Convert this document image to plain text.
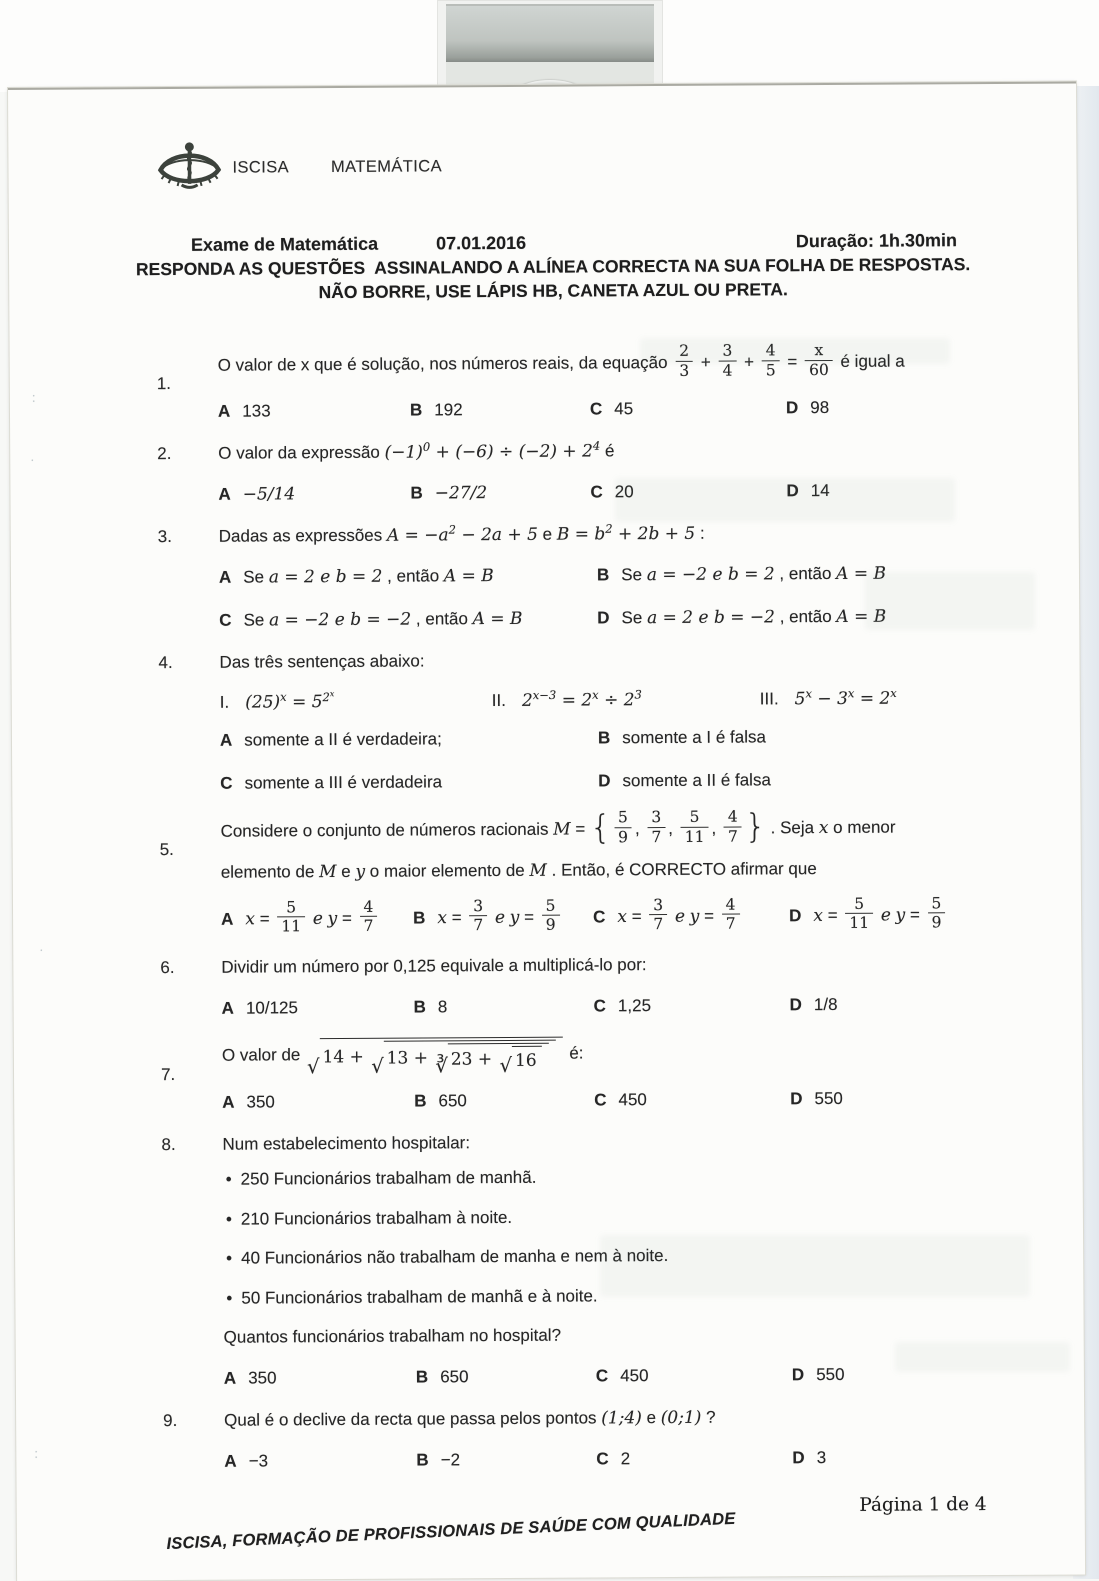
ISCISA	MATEMÁTICA
Exame de Matemática	07.01.2016	Duração: 1h.30min
RESPONDA AS QUESTÕES  ASSINALANDO A ALÍNEA CORRECTA NA SUA FOLHA DE RESPOSTAS.
NÃO BORRE, USE LÁPIS HB, CANETA AZUL OU PRETA.
1.
O valor de x que é solução, nos números reais, da equação $\frac{2}{3} + \frac{3}{4} + \frac{4}{5} = \frac{x}{60}$ é igual a
A 133	B 192	C 45	D 98
2.	O valor da expressão $(-1)^0 + (-6) \div (-2) + 2^4$ é
A −5/14	B −27/2	C 20	D 14
3.	Dadas as expressões $A = -a^2 - 2a + 5$ e $B = b^2 + 2b + 5$ :
A Se a = 2 e b = 2 , então A = B	B Se a = −2 e b = 2 , então A = B
C Se a = −2 e b = −2 , então A = B	D Se a = 2 e b = −2 , então A = B
4.	Das três sentenças abaixo:
I. $(25)^x = 5^{2^x}$	II. $2^{x-3} = 2^x \div 2^3$	III. $5^x - 3^x = 2^x$
A somente a II é verdadeira;	B somente a I é falsa
C somente a III é verdadeira	D somente a II é falsa
5.
Considere o conjunto de números racionais M = { $\frac{5}{9}$ , $\frac{3}{7}$ , $\frac{5}{11}$ , $\frac{4}{7}$ } . Seja x o menor
elemento de M e y o maior elemento de M . Então, é CORRECTO afirmar que
A $x = \frac{5}{11}$ e $y = \frac{4}{7}$ B $x = \frac{3}{7}$ e $y = \frac{5}{9}$ C $x = \frac{3}{7}$ e $y = \frac{4}{7}$	D $x = \frac{5}{11}$ e $y = \frac{5}{9}$
6.	Dividir um número por 0,125 equivale a multiplicá-lo por:
A 10/125	B 8	C 1,25	D 1/8
7.
O valor de √ 14 + √ 13 + ∛ 23 + √ 16 é:
A 350	B 650	C 450	D 550
8.	Num estabelecimento hospitalar:
• 250 Funcionários trabalham de manhã.
• 210 Funcionários trabalham à noite.
• 40 Funcionários não trabalham de manha e nem à noite.
• 50 Funcionários trabalham de manhã e à noite.
Quantos funcionários trabalham no hospital?
A 350	B 650	C 450	D 550
9.	Qual é o declive da recta que passa pelos pontos (1;4) e (0;1) ?
A −3	B −2	C 2	D 3
Página 1 de 4
ISCISA, FORMAÇÃO DE PROFISSIONAIS DE SAÚDE COM QUALIDADE
:
·
·
:
